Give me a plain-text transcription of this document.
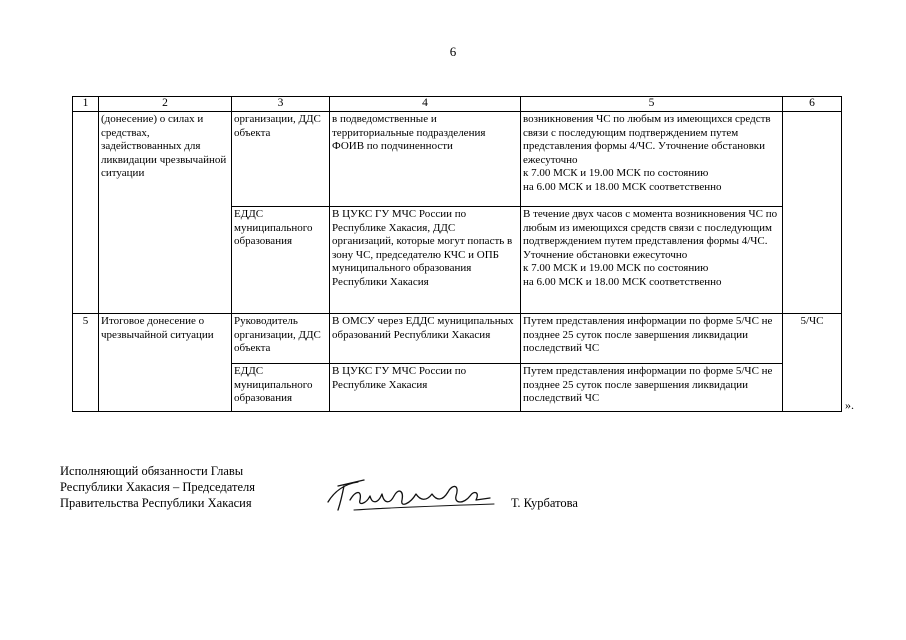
6
1	2	3	4	5	6
	(донесение) о силах и средствах, задействованных для ликвидации чрезвычайной ситуации	организации, ДДС объекта	в подведомственные и территориальные подразделения ФОИВ по подчиненности	возникновения ЧС по любым из имеющихся средств связи с последующим подтверждением путем представления формы 4/ЧС. Уточнение обстановки ежесуточно
к 7.00 МСК и 19.00 МСК по состоянию
на 6.00 МСК и 18.00 МСК соответственно	
		ЕДДС муниципального образования	В ЦУКС ГУ МЧС России по Республике Хакасия, ДДС организаций, которые могут попасть в зону ЧС, председателю КЧС и ОПБ муниципального образования Республики Хакасия	В течение двух часов с момента возникновения ЧС по любым из имеющихся средств связи с последующим подтверждением путем представления формы 4/ЧС. Уточнение обстановки ежесуточно
к 7.00 МСК и 19.00 МСК по состоянию
на 6.00 МСК и 18.00 МСК соответственно	
5	Итоговое донесение о чрезвычайной ситуации	Руководитель организации, ДДС объекта	В ОМСУ через ЕДДС муниципальных образований Республики Хакасия	Путем представления информации по форме 5/ЧС не позднее 25 суток после завершения ликвидации последствий ЧС	5/ЧС
		ЕДДС муниципального образования	В ЦУКС ГУ МЧС России по Республике Хакасия	Путем представления информации по форме 5/ЧС не позднее 25 суток после завершения ликвидации последствий ЧС		».
Исполняющий обязанности Главы
Республики Хакасия – Председателя
Правительства Республики Хакасия	Т. Курбатова
